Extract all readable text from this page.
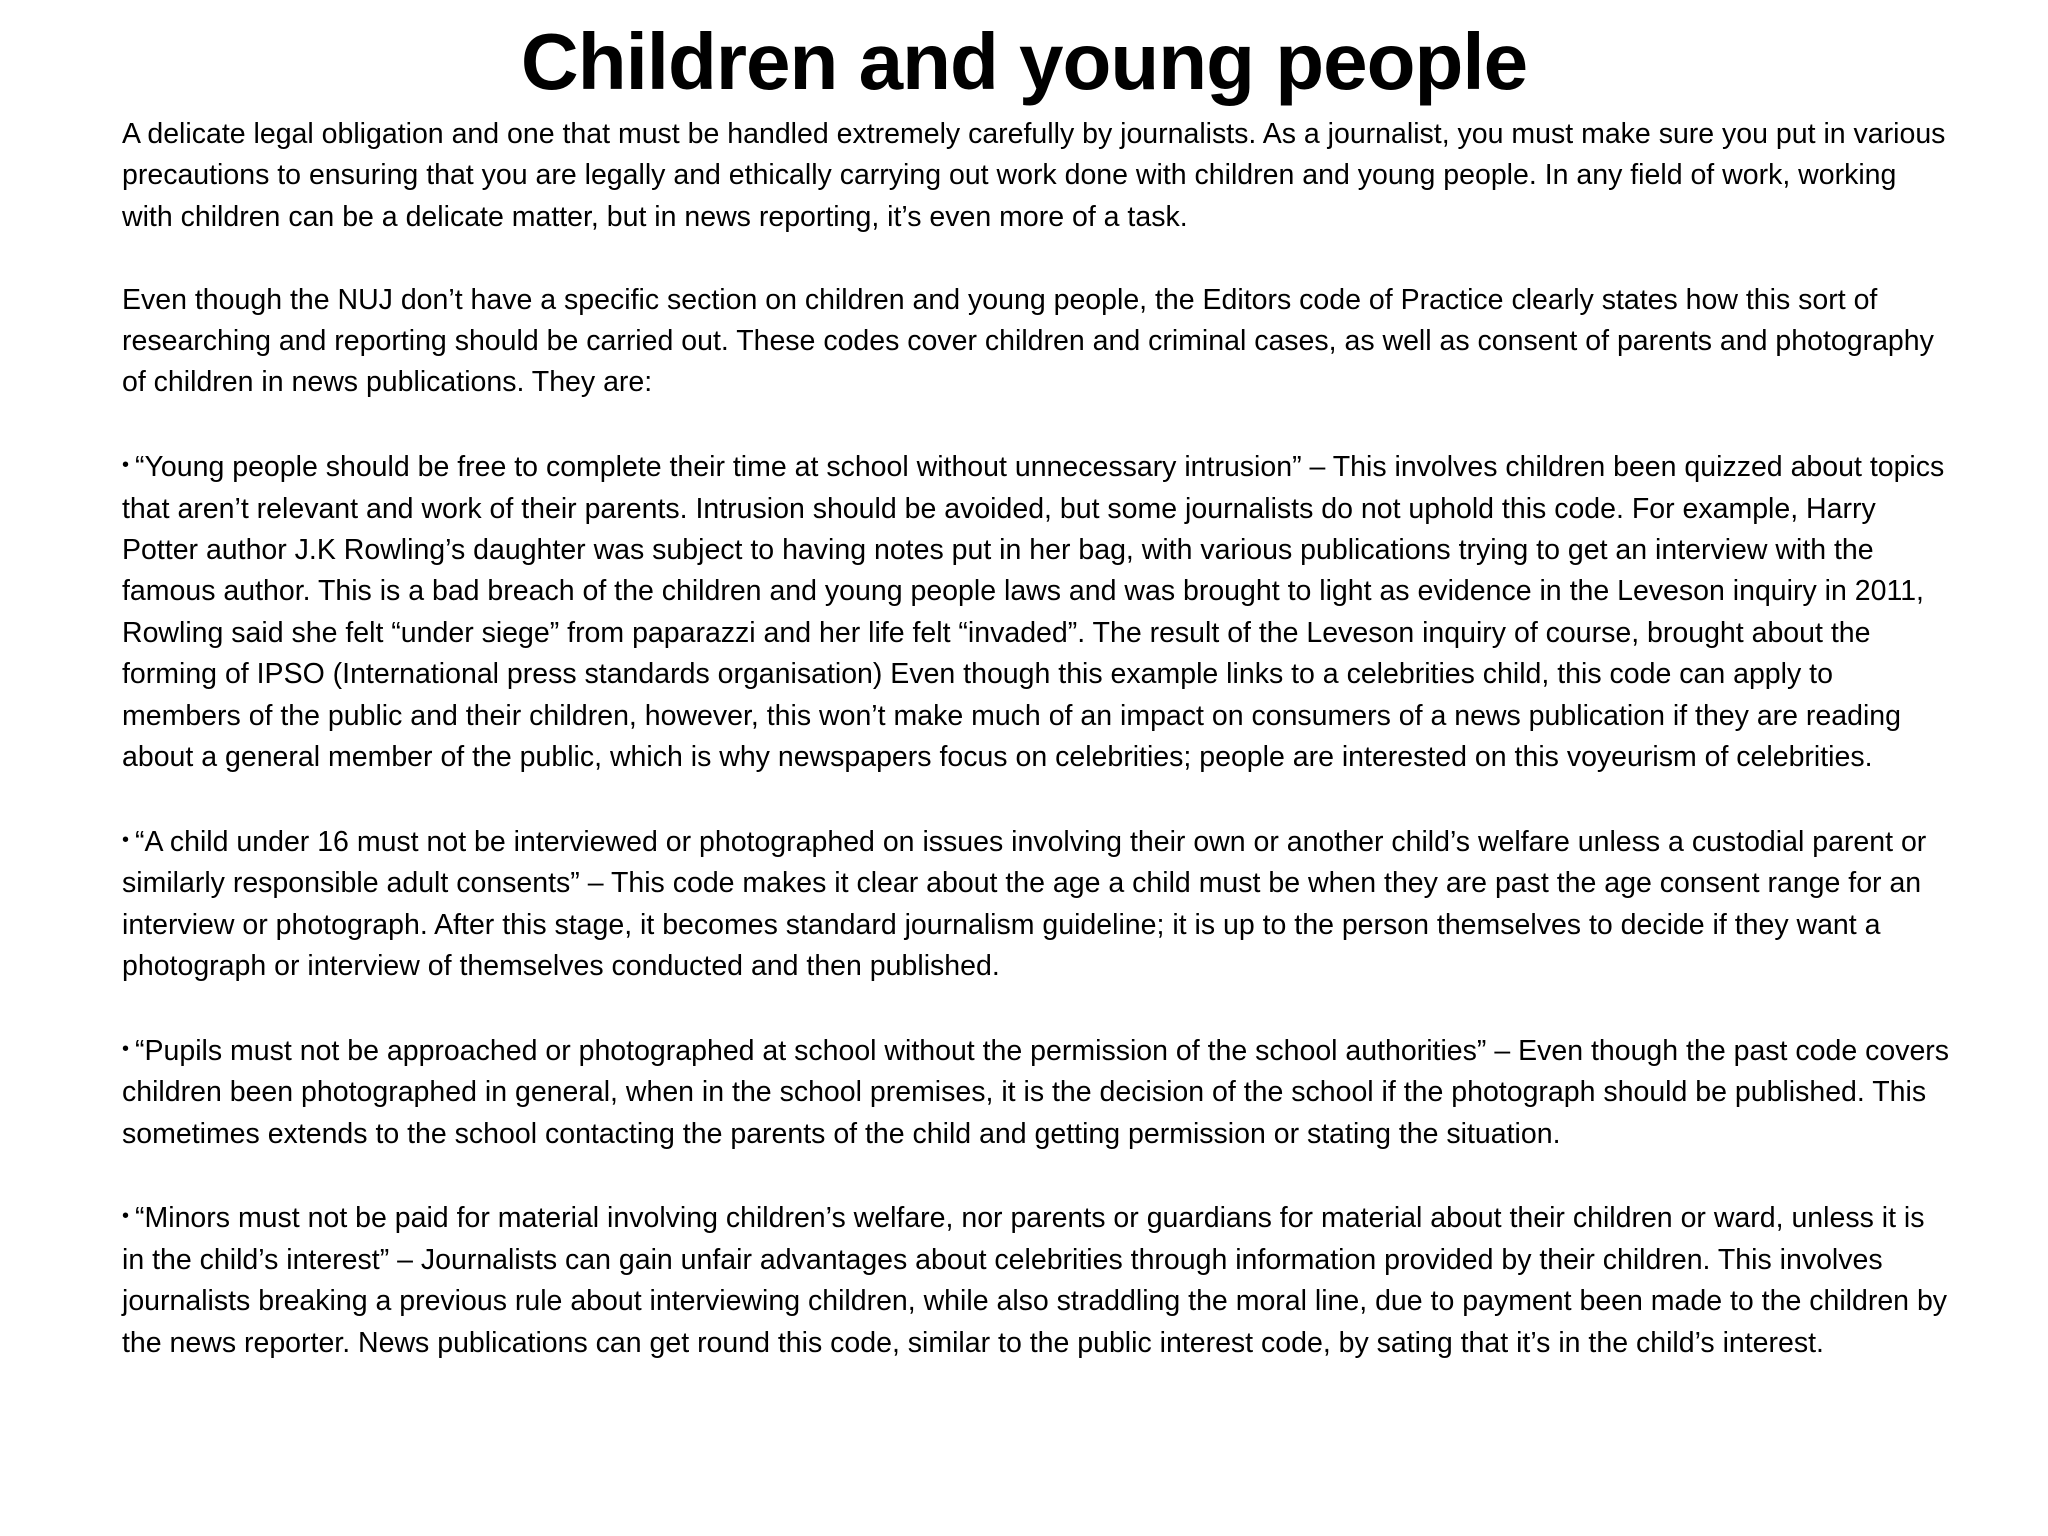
Children and young people

A delicate legal obligation and one that must be handled extremely carefully by journalists. As a journalist, you must make sure you put in various precautions to ensuring that you are legally and ethically carrying out work done with children and young people. In any field of work, working with children can be a delicate matter, but in news reporting, it’s even more of a task.

Even though the NUJ don’t have a specific section on children and young people, the Editors code of Practice clearly states how this sort of researching and reporting should be carried out. These codes cover children and criminal cases, as well as consent of parents and photography of children in news publications. They are:

• “Young people should be free to complete their time at school without unnecessary intrusion” – This involves children been quizzed about topics that aren’t relevant and work of their parents. Intrusion should be avoided, but some journalists do not uphold this code. For example, Harry Potter author J.K Rowling’s daughter was subject to having notes put in her bag, with various publications trying to get an interview with the famous author. This is a bad breach of the children and young people laws and was brought to light as evidence in the Leveson inquiry in 2011, Rowling said she felt “under siege” from paparazzi and her life felt “invaded”. The result of the Leveson inquiry of course, brought about the forming of IPSO (International press standards organisation) Even though this example links to a celebrities child, this code can apply to members of the public and their children, however, this won’t make much of an impact on consumers of a news publication if they are reading about a general member of the public, which is why newspapers focus on celebrities; people are interested on this voyeurism of celebrities.

• “A child under 16 must not be interviewed or photographed on issues involving their own or another child’s welfare unless a custodial parent or similarly responsible adult consents” – This code makes it clear about the age a child must be when they are past the age consent range for an interview or photograph. After this stage, it becomes standard journalism guideline; it is up to the person themselves to decide if they want a photograph or interview of themselves conducted and then published.

• “Pupils must not be approached or photographed at school without the permission of the school authorities” – Even though the past code covers children been photographed in general, when in the school premises, it is the decision of the school if the photograph should be published. This sometimes extends to the school contacting the parents of the child and getting permission or stating the situation.

• “Minors must not be paid for material involving children’s welfare, nor parents or guardians for material about their children or ward, unless it is in the child’s interest” – Journalists can gain unfair advantages about celebrities through information provided by their children. This involves journalists breaking a previous rule about interviewing children, while also straddling the moral line, due to payment been made to the children by the news reporter. News publications can get round this code, similar to the public interest code, by sating that it’s in the child’s interest.
